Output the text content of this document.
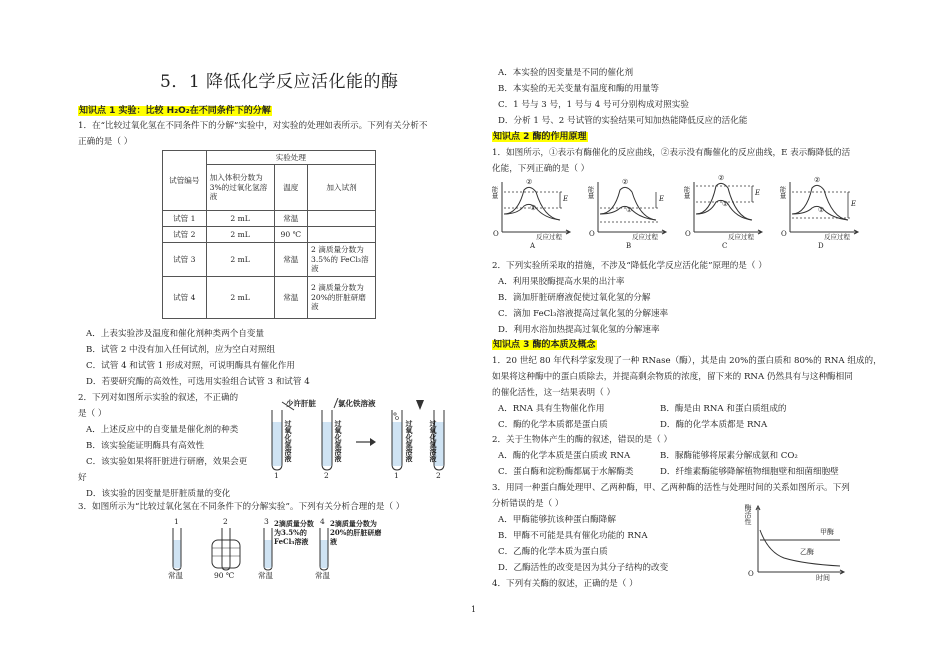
5．1 降低化学反应活化能的酶
知识点 1 实验：比较 H₂O₂在不同条件下的分解
1．在“比较过氧化氢在不同条件下的分解”实验中，对实验的处理如表所示。下列有关分析不
正确的是（ ）
试管编号	实验处理		
	加入体积分数为 3%的过氧化氢溶液	温度	加入试剂
试管 1	2 mL	常温	
试管 2	2 mL	90 ℃	
试管 3	2 mL	常温	2 滴质量分数为 3.5%的 FeCl₃溶液
试管 4	2 mL	常温	2 滴质量分数为 20%的肝脏研磨液
A．上表实验涉及温度和催化剂种类两个自变量
B．试管 2 中没有加入任何试剂，应为空白对照组
C．试管 4 和试管 1 形成对照，可说明酶具有催化作用
D．若要研究酶的高效性，可选用实验组合试管 3 和试管 4
2．下列对如图所示实验的叙述，不正确的
是（ ）
A．上述反应中的自变量是催化剂的种类
B．该实验能证明酶具有高效性
C．该实验如果将肝脏进行研磨，效果会更
好
D．该实验的因变量是肝脏质量的变化
少许肝脏	氯化铁溶液
过氧化氢溶液	过氧化氢溶液	过氧化氢溶液 过氧化氢溶液
1	2	1	2
3．如图所示为“比较过氧化氢在不同条件下的分解实验”。下列有关分析合理的是（ ）
1	2	3	4
2滴质量分数为3.5%的FeCl₃溶液
2滴质量分数为20%的肝脏研磨液
常温	90 ℃	常温	常温
A．本实验的因变量是不同的催化剂
B．本实验的无关变量有温度和酶的用量等
C．1 号与 3 号，1 号与 4 号可分别构成对照实验
D．分析 1 号、2 号试管的实验结果可知加热能降低反应的活化能
知识点 2 酶的作用原理
1．如图所示，①表示有酶催化的反应曲线，②表示没有酶催化的反应曲线，E 表示酶降低的活
化能，下列正确的是（ ）
能量
②
①
E
O	反应过程
A
能量
②
①
E
O	反应过程
B
能量
②
①
E
O	反应过程
C
能量
②
①
E
O	反应过程
D
2．下列实验所采取的措施，不涉及“降低化学反应活化能”原理的是（ ）
A．利用果胶酶提高水果的出汁率
B．滴加肝脏研磨液促使过氧化氢的分解
C．滴加 FeCl₃溶液提高过氧化氢的分解速率
D．利用水浴加热提高过氧化氢的分解速率
知识点 3 酶的本质及概念
1．20 世纪 80 年代科学家发现了一种 RNase（酶），其是由 20%的蛋白质和 80%的 RNA 组成的，
如果将这种酶中的蛋白质除去，并提高剩余物质的浓度，留下来的 RNA 仍然具有与这种酶相同
的催化活性，这一结果表明（ ）
A．RNA 具有生物催化作用	B．酶是由 RNA 和蛋白质组成的
C．酶的化学本质都是蛋白质	D．酶的化学本质都是 RNA
2．关于生物体产生的酶的叙述，错误的是（ ）
A．酶的化学本质是蛋白质或 RNA	B．脲酶能够将尿素分解成氨和 CO₂
C．蛋白酶和淀粉酶都属于水解酶类	D．纤维素酶能够降解植物细胞壁和细菌细胞壁
3．用同一种蛋白酶处理甲、乙两种酶，甲、乙两种酶的活性与处理时间的关系如图所示。下列
分析错误的是（ ）
A．甲酶能够抗该种蛋白酶降解
B．甲酶不可能是具有催化功能的 RNA
C．乙酶的化学本质为蛋白质
D．乙酶活性的改变是因为其分子结构的改变
4．下列有关酶的叙述，正确的是（ ）
酶活性
甲酶
乙酶
O	时间
1
